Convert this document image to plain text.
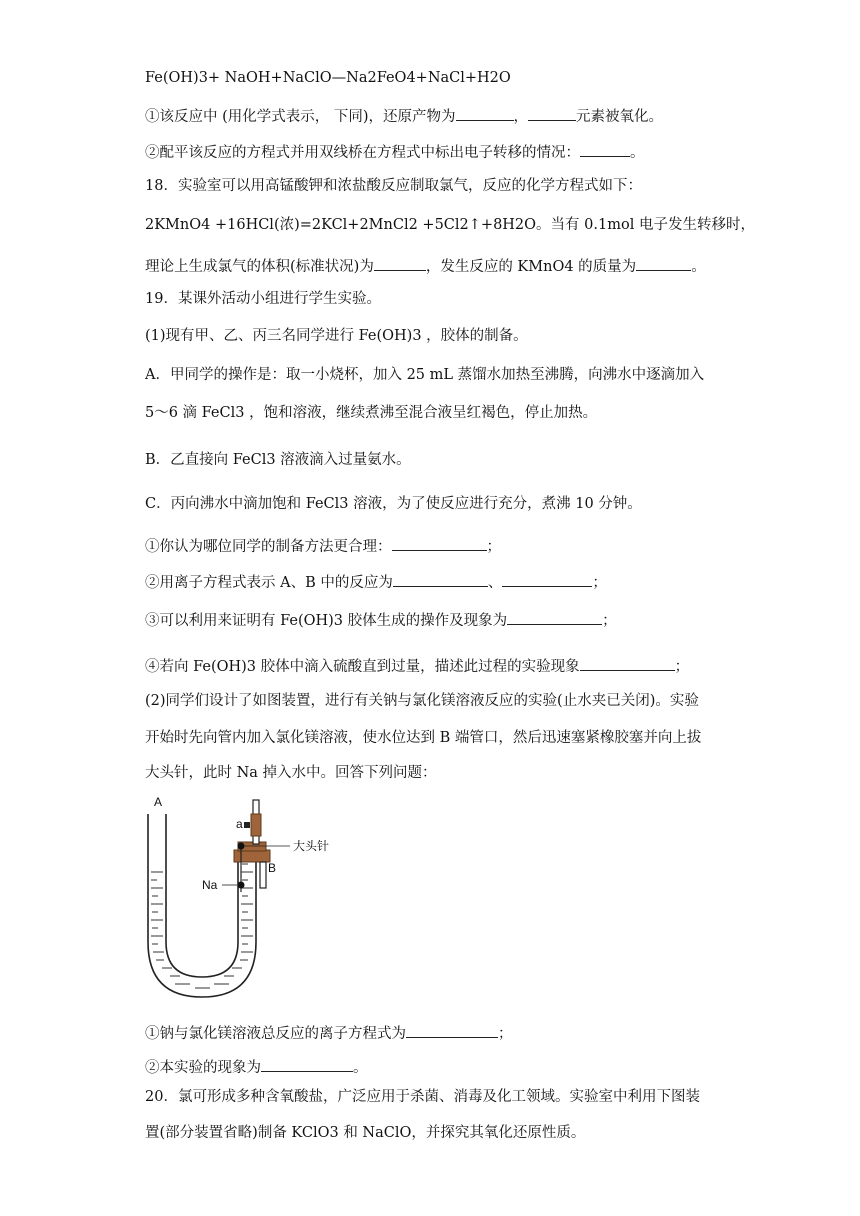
Fe(OH)3+ NaOH+NaClO—Na2FeO4+NaCl+H2O
①该反应中 (用化学式表示， 下同)，还原产物为	，	元素被氧化。
②配平该反应的方程式并用双线桥在方程式中标出电子转移的情况：	。
18．实验室可以用高锰酸钾和浓盐酸反应制取氯气，反应的化学方程式如下：
2KMnO4 +16HCl(浓)=2KCl+2MnCl2 +5Cl2↑+8H2O。当有 0.1mol 电子发生转移时，
理论上生成氯气的体积(标准状况)为	，发生反应的 KMnO4 的质量为	。
19．某课外活动小组进行学生实验。
(1)现有甲、乙、丙三名同学进行 Fe(OH)3 ，胶体的制备。
A．甲同学的操作是：取一小烧杯，加入 25 mL 蒸馏水加热至沸腾，向沸水中逐滴加入
5～6 滴 FeCl3 ，饱和溶液，继续煮沸至混合液呈红褐色，停止加热。
B．乙直接向 FeCl3 溶液滴入过量氨水。
C．丙向沸水中滴加饱和 FeCl3 溶液，为了使反应进行充分，煮沸 10 分钟。
①你认为哪位同学的制备方法更合理：	；
②用离子方程式表示 A、B 中的反应为	、	；
③可以利用来证明有 Fe(OH)3 胶体生成的操作及现象为	；
④若向 Fe(OH)3 胶体中滴入硫酸直到过量，描述此过程的实验现象	；
(2)同学们设计了如图装置，进行有关钠与氯化镁溶液反应的实验(止水夹已关闭)。实验
开始时先向管内加入氯化镁溶液，使水位达到 B 端管口，然后迅速塞紧橡胶塞并向上拔
大头针，此时 Na 掉入水中。回答下列问题：
A
a
大头针
B
Na
①钠与氯化镁溶液总反应的离子方程式为	；
②本实验的现象为	。
20．氯可形成多种含氧酸盐，广泛应用于杀菌、消毒及化工领域。实验室中利用下图装
置(部分装置省略)制备 KClO3 和 NaClO，并探究其氧化还原性质。
